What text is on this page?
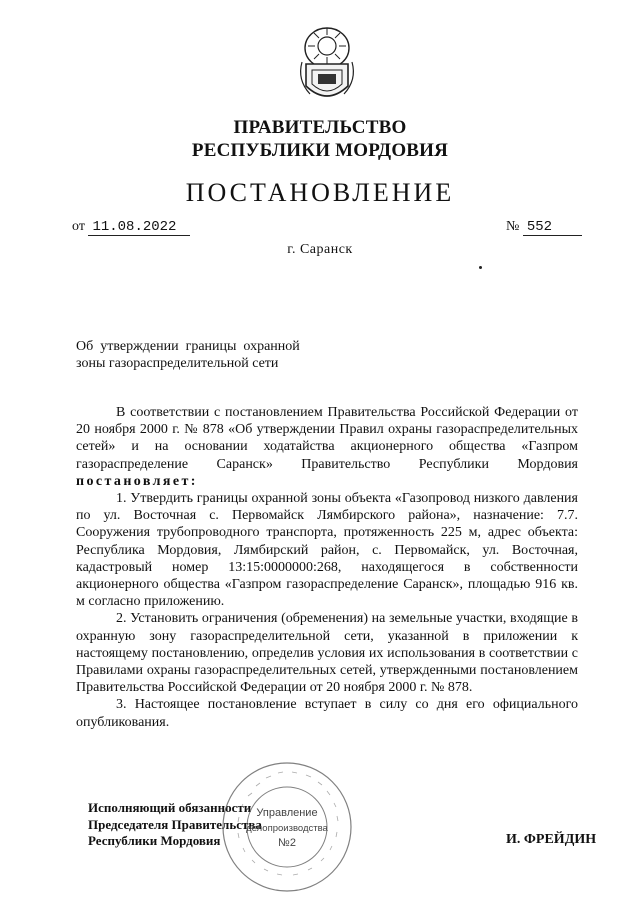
ПРАВИТЕЛЬСТВО
РЕСПУБЛИКИ МОРДОВИЯ
ПОСТАНОВЛЕНИЕ
от 11.08.2022	№ 552
г. Саранск
Об  утверждении  границы  охранной
зоны газораспределительной сети

В соответствии с постановлением Правительства Российской Федерации от 20 ноября 2000 г. № 878 «Об утверждении Правил охраны газораспределительных сетей» и на основании ходатайства акционерного общества «Газпром газораспределение Саранск» Правительство Республики Мордовия постановляет:

1. Утвердить границы охранной зоны объекта «Газопровод низкого давления по ул. Восточная с. Первомайск Лямбирского района», назначение: 7.7. Сооружения трубопроводного транспорта, протяженность 225 м, адрес объекта: Республика Мордовия, Лямбирский район, с. Первомайск, ул. Восточная, кадастровый номер 13:15:0000000:268, находящегося в собственности акционерного общества «Газпром газораспределение Саранск», площадью 916 кв. м согласно приложению.

2. Установить ограничения (обременения) на земельные участки, входящие в охранную зону газораспределительной сети, указанной в приложении к настоящему постановлению, определив условия их использования в соответствии с Правилами охраны газораспределительных сетей, утвержденными постановлением Правительства Российской Федерации от 20 ноября 2000 г. № 878.

3. Настоящее постановление вступает в силу со дня его официального опубликования.

Исполняющий обязанности
Председателя Правительства
Республики Мордовия	И. ФРЕЙДИН
Управление
делопроизводства
№2
